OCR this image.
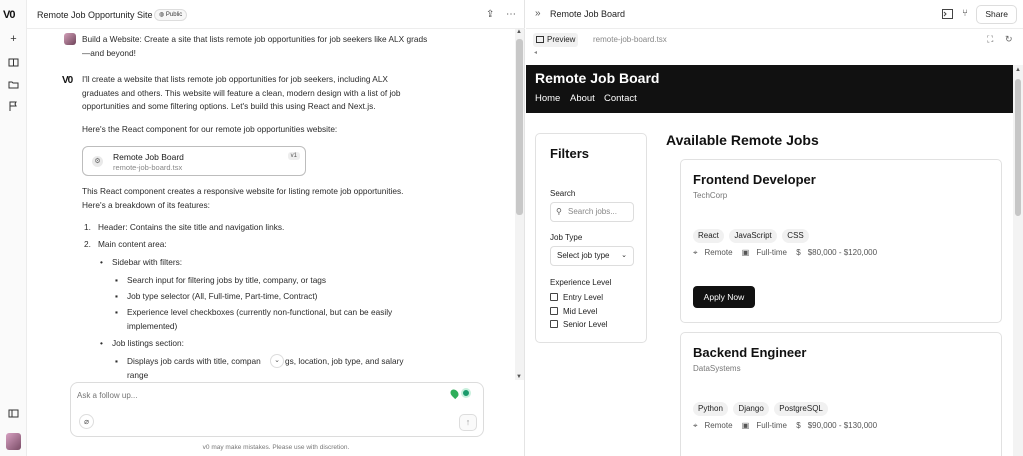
V0
+
Remote Job Opportunity Site	◍ Public	⇪ ⋯
Build a Website: Create a site that lists remote job opportunities for job seekers like ALX grads—and beyond!
V0 I'll create a website that lists remote job opportunities for job seekers, including ALX graduates and others. This website will feature a clean, modern design with a list of job opportunities and some filtering options. Let's build this using React and Next.js.
Here's the React component for our remote job opportunities website:
⚙ Remote Job Board
remote-job-board.tsx
v1
This React component creates a responsive website for listing remote job opportunities. Here's a breakdown of its features:
1. Header: Contains the site title and navigation links.
2. Main content area:
• Sidebar with filters:
▪ Search input for filtering jobs by title, company, or tags
▪ Job type selector (All, Full-time, Part-time, Contract)
▪ Experience level checkboxes (currently non-functional, but can be easily implemented)
• Job listings section:
▪ Displays job cards with title, compan	gs, location, job type, and salary
range
⌄
▲
▼
Ask a follow up...
⌀	↑
v0 may make mistakes. Please use with discretion.
» Remote Job Board	⑂	Share
Preview	remote-job-board.tsx	⛶ ↻
◂
Remote Job Board
Home About Contact
Filters
Search
⚲ Search jobs...
Job Type
Select job type ⌄
Experience Level
Entry Level
Mid Level
Senior Level
Available Remote Jobs
Frontend Developer
TechCorp
React JavaScript CSS
⌖ Remote ▣ Full-time $ $80,000 - $120,000
Apply Now
Backend Engineer
DataSystems
Python Django PostgreSQL
⌖ Remote ▣ Full-time $ $90,000 - $130,000
▲
